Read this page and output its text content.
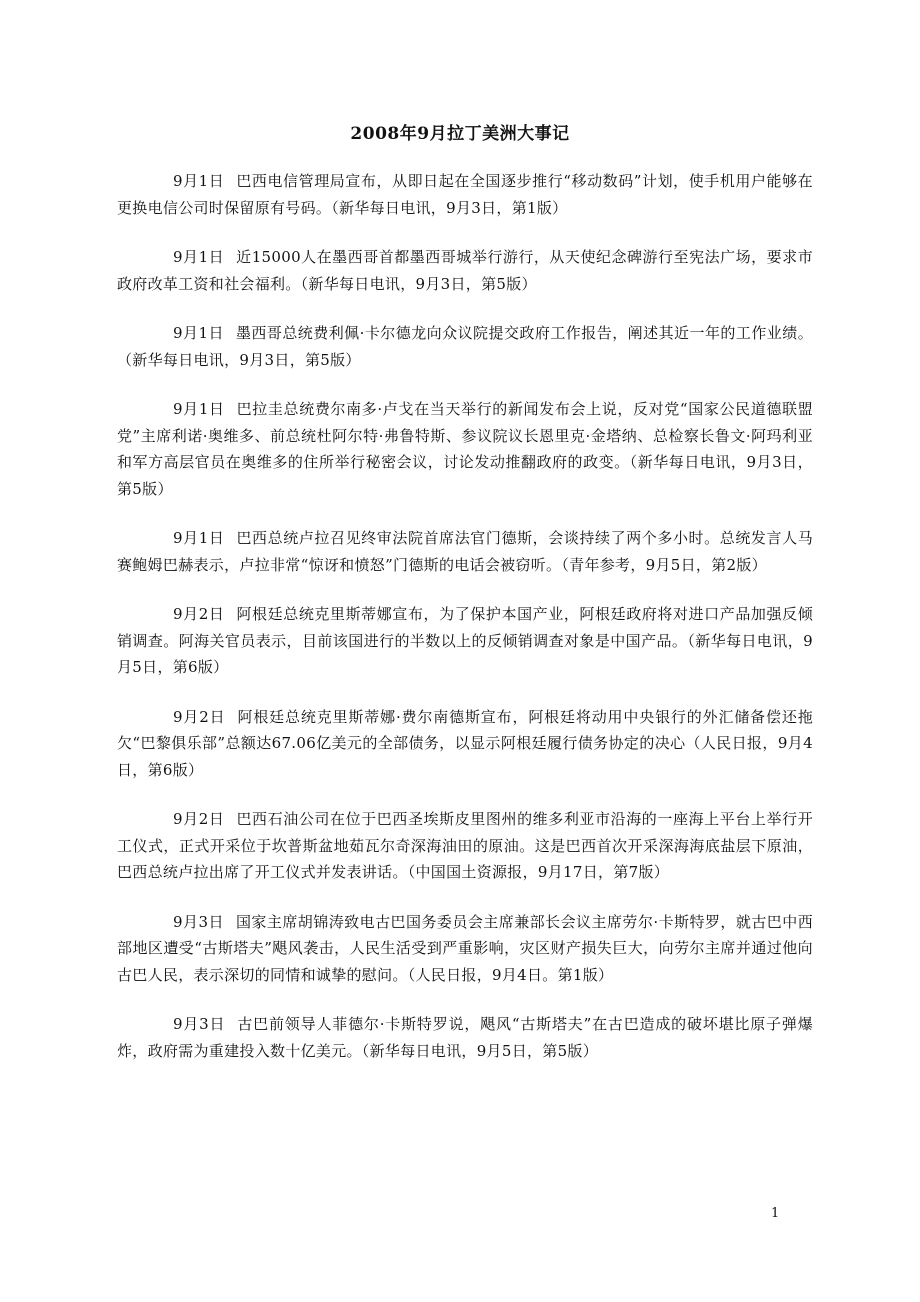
2008年9月拉丁美洲大事记

9月1日 巴西电信管理局宣布，从即日起在全国逐步推行“移动数码”计划，使手机用户能够在更换电信公司时保留原有号码。（新华每日电讯，9月3日，第1版）

9月1日 近15000人在墨西哥首都墨西哥城举行游行，从天使纪念碑游行至宪法广场，要求市政府改革工资和社会福利。（新华每日电讯，9月3日，第5版）

9月1日 墨西哥总统费利佩·卡尔德龙向众议院提交政府工作报告，阐述其近一年的工作业绩。（新华每日电讯，9月3日，第5版）

9月1日 巴拉圭总统费尔南多·卢戈在当天举行的新闻发布会上说，反对党“国家公民道德联盟党”主席利诺·奥维多、前总统杜阿尔特·弗鲁特斯、参议院议长恩里克·金塔纳、总检察长鲁文·阿玛利亚和军方高层官员在奥维多的住所举行秘密会议，讨论发动推翻政府的政变。（新华每日电讯，9月3日，第5版）

9月1日 巴西总统卢拉召见终审法院首席法官门德斯，会谈持续了两个多小时。总统发言人马赛鲍姆巴赫表示，卢拉非常“惊讶和愤怒”门德斯的电话会被窃听。（青年参考，9月5日，第2版）

9月2日 阿根廷总统克里斯蒂娜宣布，为了保护本国产业，阿根廷政府将对进口产品加强反倾销调查。阿海关官员表示，目前该国进行的半数以上的反倾销调查对象是中国产品。（新华每日电讯，9月5日，第6版）

9月2日 阿根廷总统克里斯蒂娜·费尔南德斯宣布，阿根廷将动用中央银行的外汇储备偿还拖欠“巴黎俱乐部”总额达67.06亿美元的全部债务，以显示阿根廷履行债务协定的决心（人民日报，9月4日，第6版）

9月2日 巴西石油公司在位于巴西圣埃斯皮里图州的维多利亚市沿海的一座海上平台上举行开工仪式，正式开采位于坎普斯盆地茹瓦尔奇深海油田的原油。这是巴西首次开采深海海底盐层下原油，巴西总统卢拉出席了开工仪式并发表讲话。（中国国土资源报，9月17日，第7版）

9月3日 国家主席胡锦涛致电古巴国务委员会主席兼部长会议主席劳尔·卡斯特罗，就古巴中西部地区遭受“古斯塔夫”飓风袭击，人民生活受到严重影响，灾区财产损失巨大，向劳尔主席并通过他向古巴人民，表示深切的同情和诚挚的慰问。（人民日报，9月4日。第1版）

9月3日 古巴前领导人菲德尔·卡斯特罗说，飓风“古斯塔夫”在古巴造成的破坏堪比原子弹爆炸，政府需为重建投入数十亿美元。（新华每日电讯，9月5日，第5版）

1
